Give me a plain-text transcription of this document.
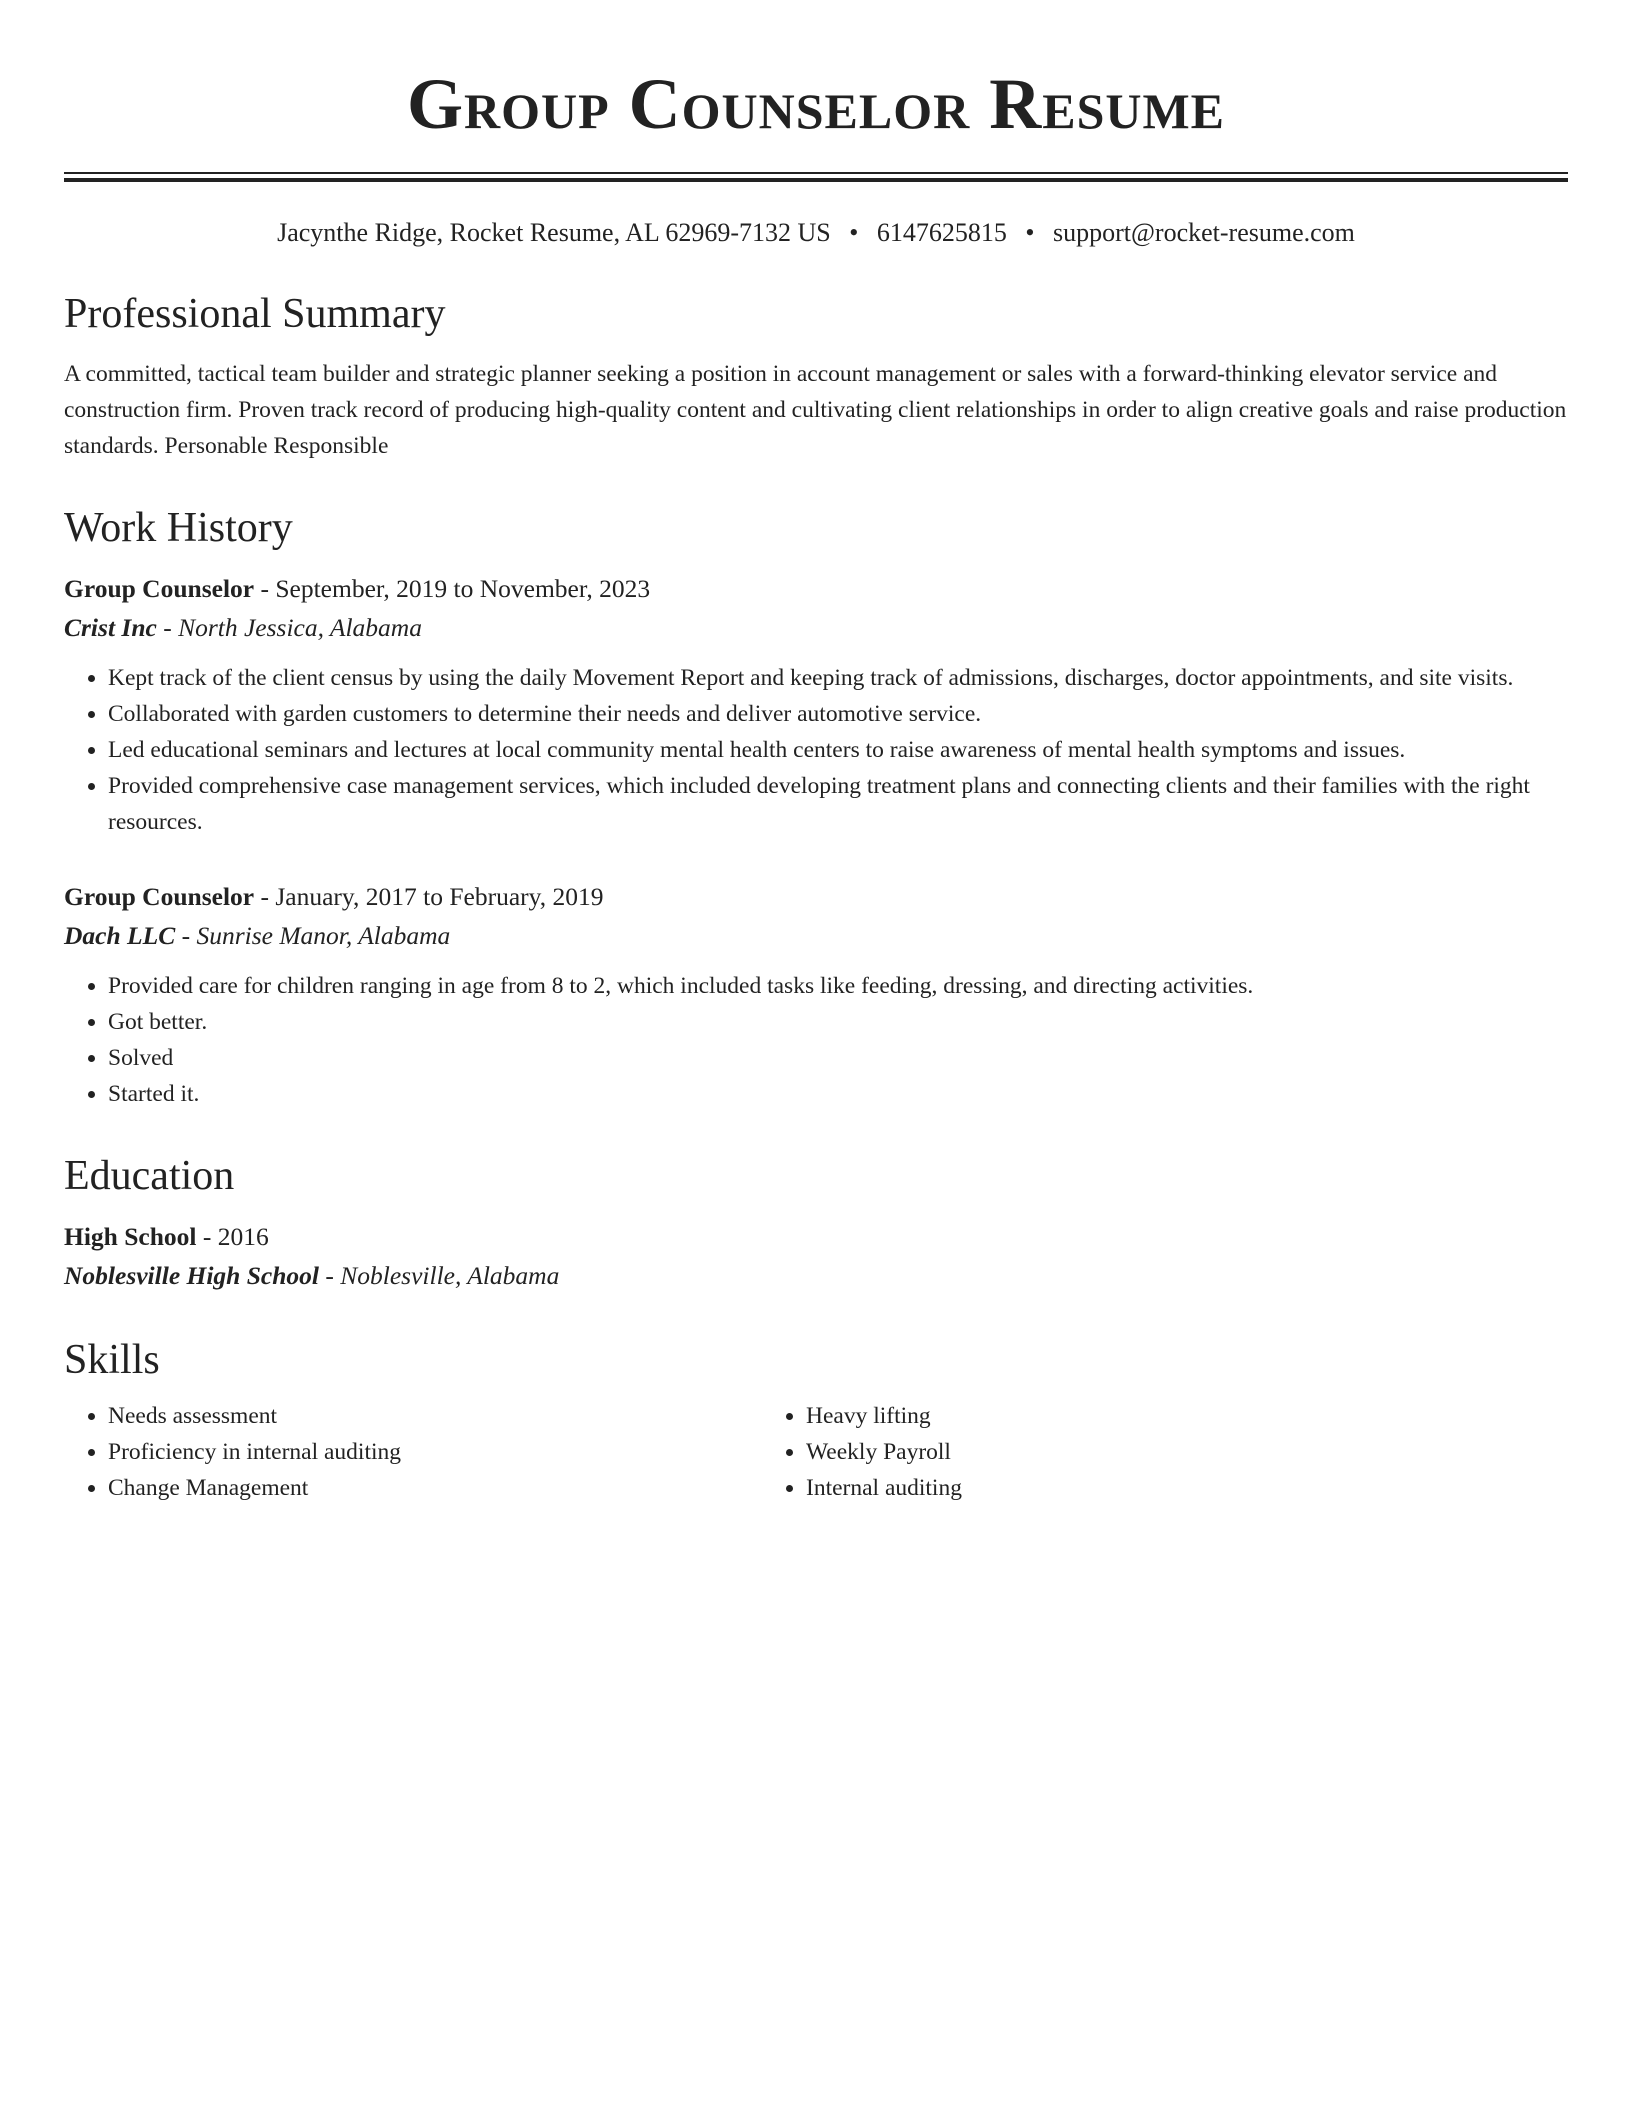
Group Counselor Resume
Jacynthe Ridge, Rocket Resume, AL 62969-7132 US • 6147625815 • support@rocket-resume.com
Professional Summary

A committed, tactical team builder and strategic planner seeking a position in account management or sales with a forward-thinking elevator service and construction firm. Proven track record of producing high-quality content and cultivating client relationships in order to align creative goals and raise production standards. Personable Responsible

Work History
Group Counselor - September, 2019 to November, 2023
Crist Inc - North Jessica, Alabama
• Kept track of the client census by using the daily Movement Report and keeping track of admissions, discharges, doctor appointments, and site visits.
• Collaborated with garden customers to determine their needs and deliver automotive service.
• Led educational seminars and lectures at local community mental health centers to raise awareness of mental health symptoms and issues.
• Provided comprehensive case management services, which included developing treatment plans and connecting clients and their families with the right resources.
Group Counselor - January, 2017 to February, 2019
Dach LLC - Sunrise Manor, Alabama
• Provided care for children ranging in age from 8 to 2, which included tasks like feeding, dressing, and directing activities.
• Got better.
• Solved
• Started it.
Education
High School - 2016
Noblesville High School - Noblesville, Alabama
Skills
• Needs assessment
• Proficiency in internal auditing
• Change Management
• Heavy lifting
• Weekly Payroll
• Internal auditing
